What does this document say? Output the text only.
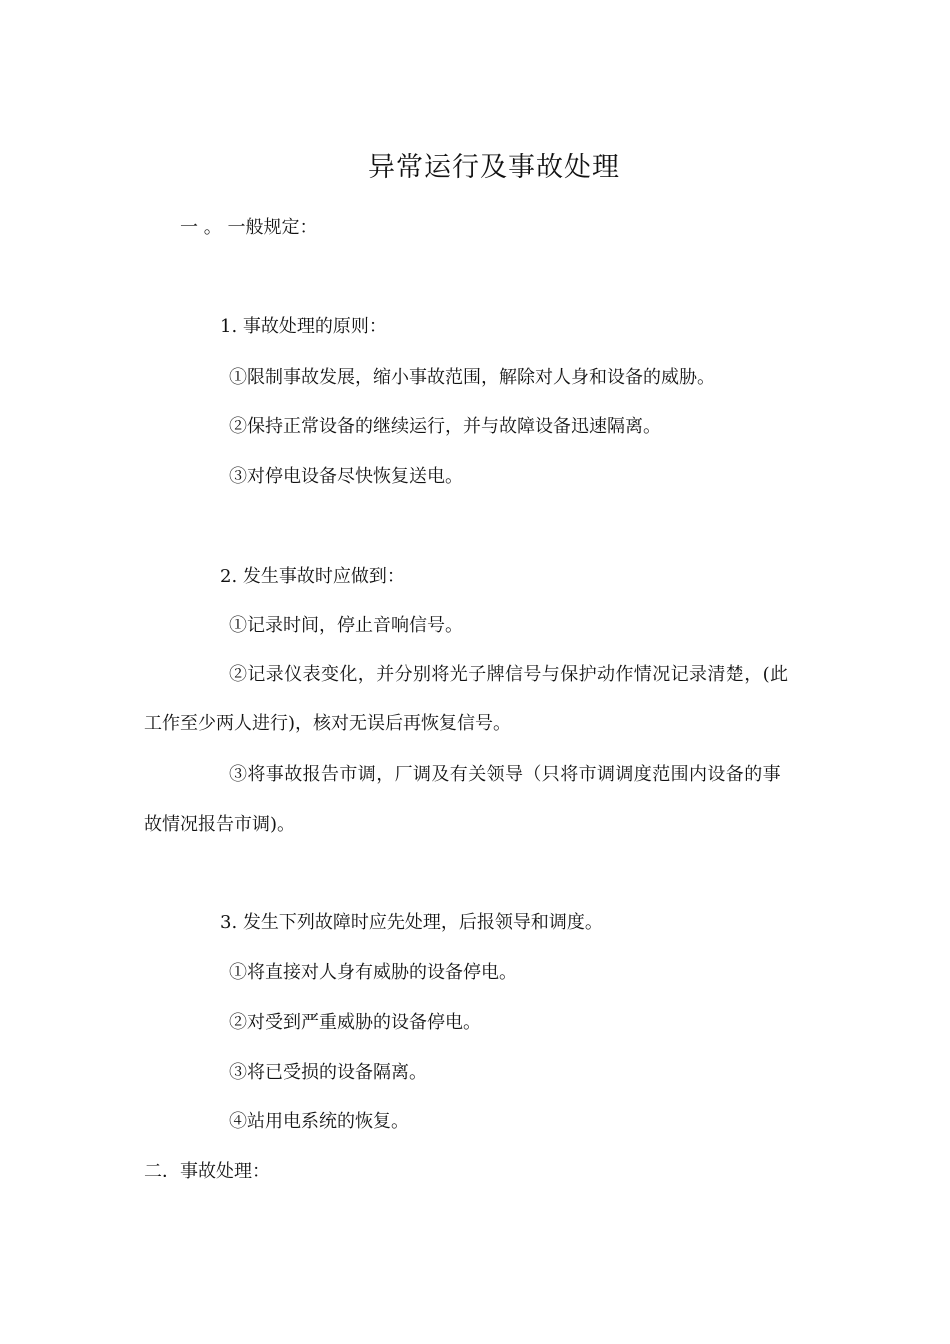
异常运行及事故处理

一 。 一般规定：

1. 事故处理的原则：

①限制事故发展，缩小事故范围，解除对人身和设备的威胁。

②保持正常设备的继续运行，并与故障设备迅速隔离。

③对停电设备尽快恢复送电。

2. 发生事故时应做到：

①记录时间，停止音响信号。

②记录仪表变化，并分别将光子牌信号与保护动作情况记录清楚，(此

工作至少两人进行)，核对无误后再恢复信号。

③将事故报告市调，厂调及有关领导（只将市调调度范围内设备的事

故情况报告市调)。

3. 发生下列故障时应先处理，后报领导和调度。

①将直接对人身有威胁的设备停电。

②对受到严重威胁的设备停电。

③将已受损的设备隔离。

④站用电系统的恢复。

二．事故处理：
